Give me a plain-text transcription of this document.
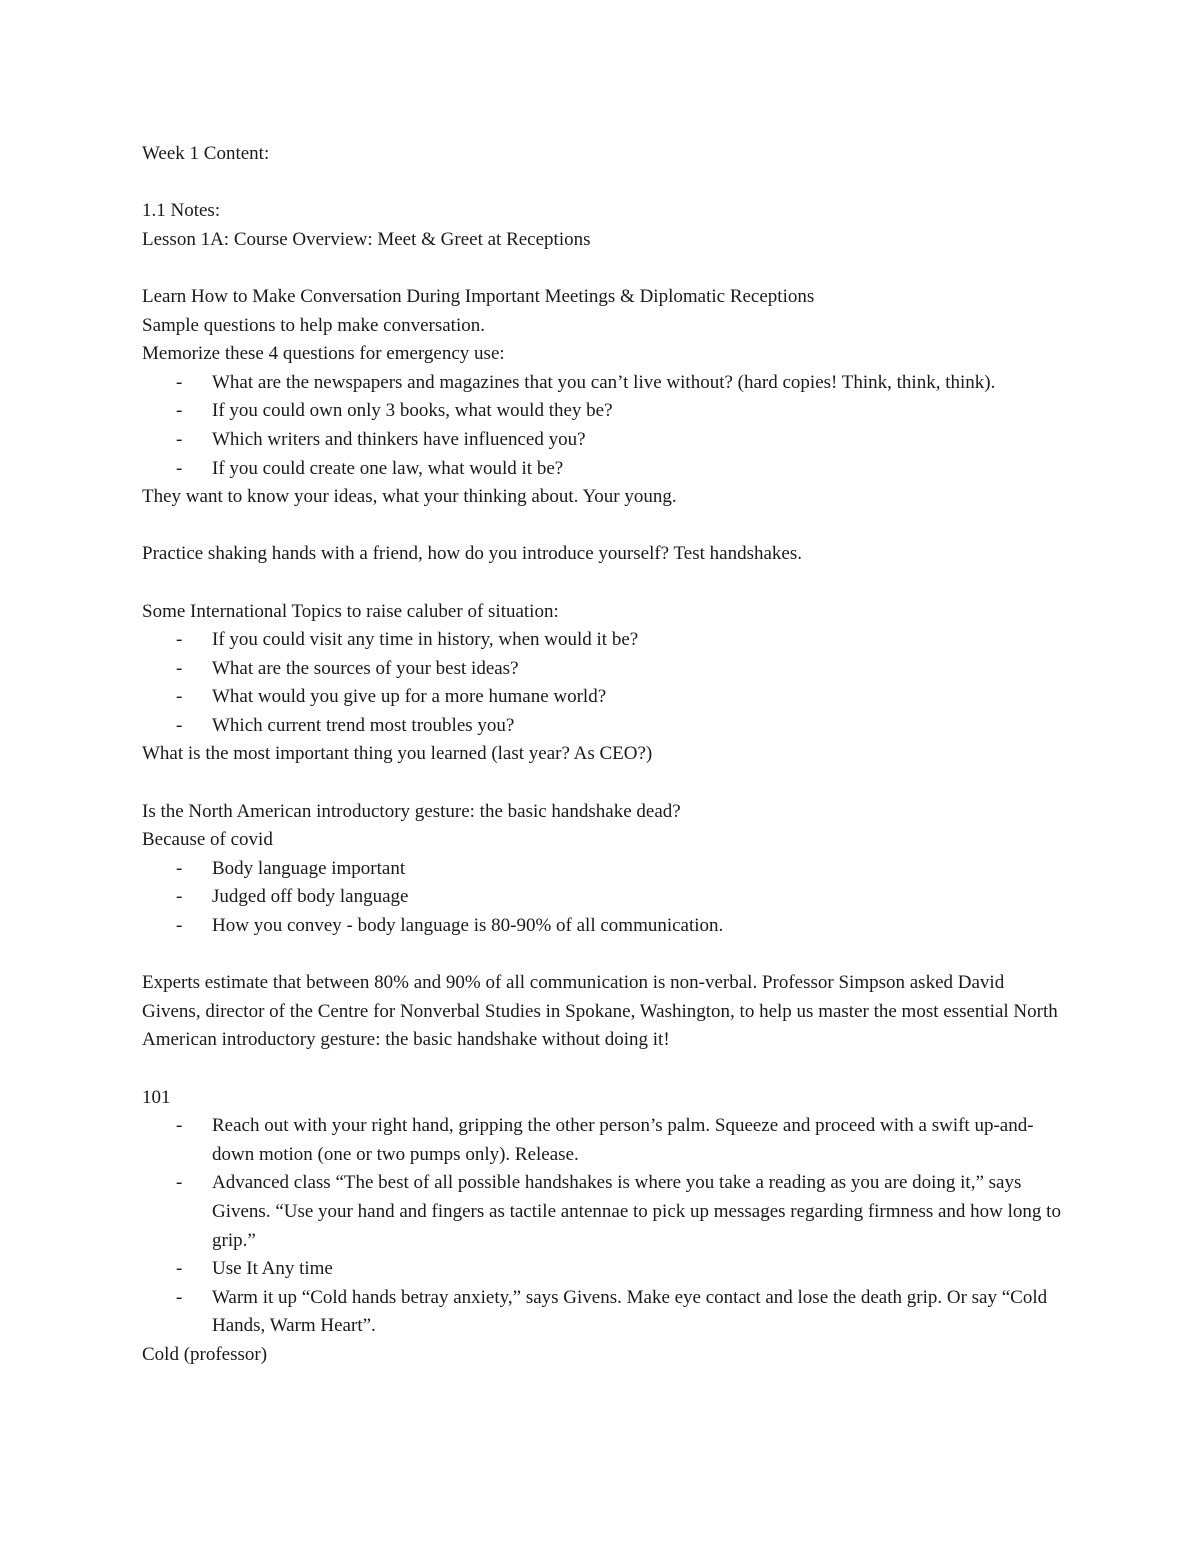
Week 1 Content:
1.1 Notes:
Lesson 1A: Course Overview: Meet & Greet at Receptions
Learn How to Make Conversation During Important Meetings & Diplomatic Receptions
Sample questions to help make conversation.
Memorize these 4 questions for emergency use:
- What are the newspapers and magazines that you can’t live without? (hard copies! Think, think, think).
- If you could own only 3 books, what would they be?
- Which writers and thinkers have influenced you?
- If you could create one law, what would it be?
They want to know your ideas, what your thinking about. Your young.
Practice shaking hands with a friend, how do you introduce yourself? Test handshakes.
Some International Topics to raise caluber of situation:
- If you could visit any time in history, when would it be?
- What are the sources of your best ideas?
- What would you give up for a more humane world?
- Which current trend most troubles you?
What is the most important thing you learned (last year? As CEO?)
Is the North American introductory gesture: the basic handshake dead?
Because of covid
- Body language important
- Judged off body language
- How you convey - body language is 80-90% of all communication.
Experts estimate that between 80% and 90% of all communication is non-verbal. Professor Simpson asked David Givens, director of the Centre for Nonverbal Studies in Spokane, Washington, to help us master the most essential North American introductory gesture: the basic handshake without doing it!
101
- Reach out with your right hand, gripping the other person’s palm. Squeeze and proceed with a swift up-and-down motion (one or two pumps only). Release.
- Advanced class “The best of all possible handshakes is where you take a reading as you are doing it,” says Givens. “Use your hand and fingers as tactile antennae to pick up messages regarding firmness and how long to grip.”
- Use It Any time
- Warm it up “Cold hands betray anxiety,” says Givens. Make eye contact and lose the death grip. Or say “Cold Hands, Warm Heart”.
Cold (professor)
